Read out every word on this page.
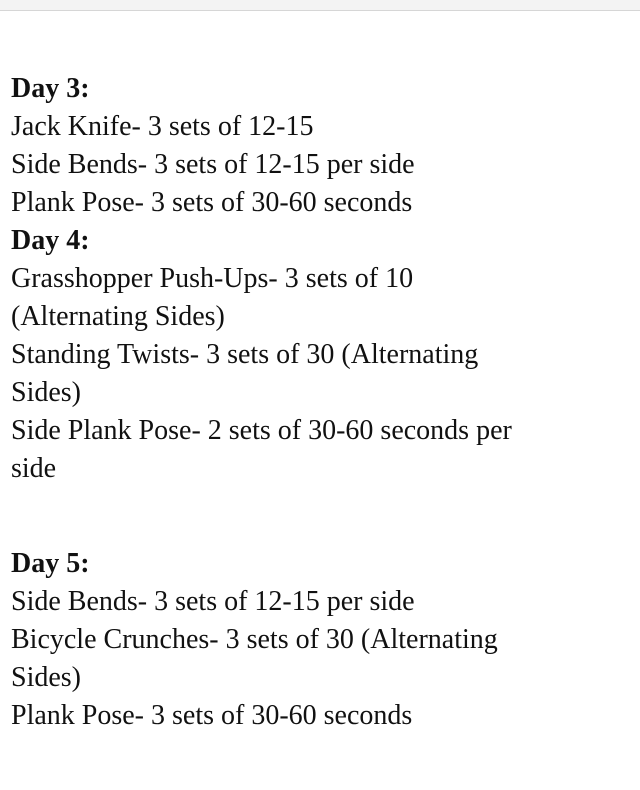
Day 3:
Jack Knife- 3 sets of 12-15
Side Bends- 3 sets of 12-15 per side
Plank Pose- 3 sets of 30-60 seconds
Day 4:
Grasshopper Push-Ups- 3 sets of 10
(Alternating Sides)
Standing Twists- 3 sets of 30 (Alternating
Sides)
Side Plank Pose- 2 sets of 30-60 seconds per
side
Day 5:
Side Bends- 3 sets of 12-15 per side
Bicycle Crunches- 3 sets of 30 (Alternating
Sides)
Plank Pose- 3 sets of 30-60 seconds
